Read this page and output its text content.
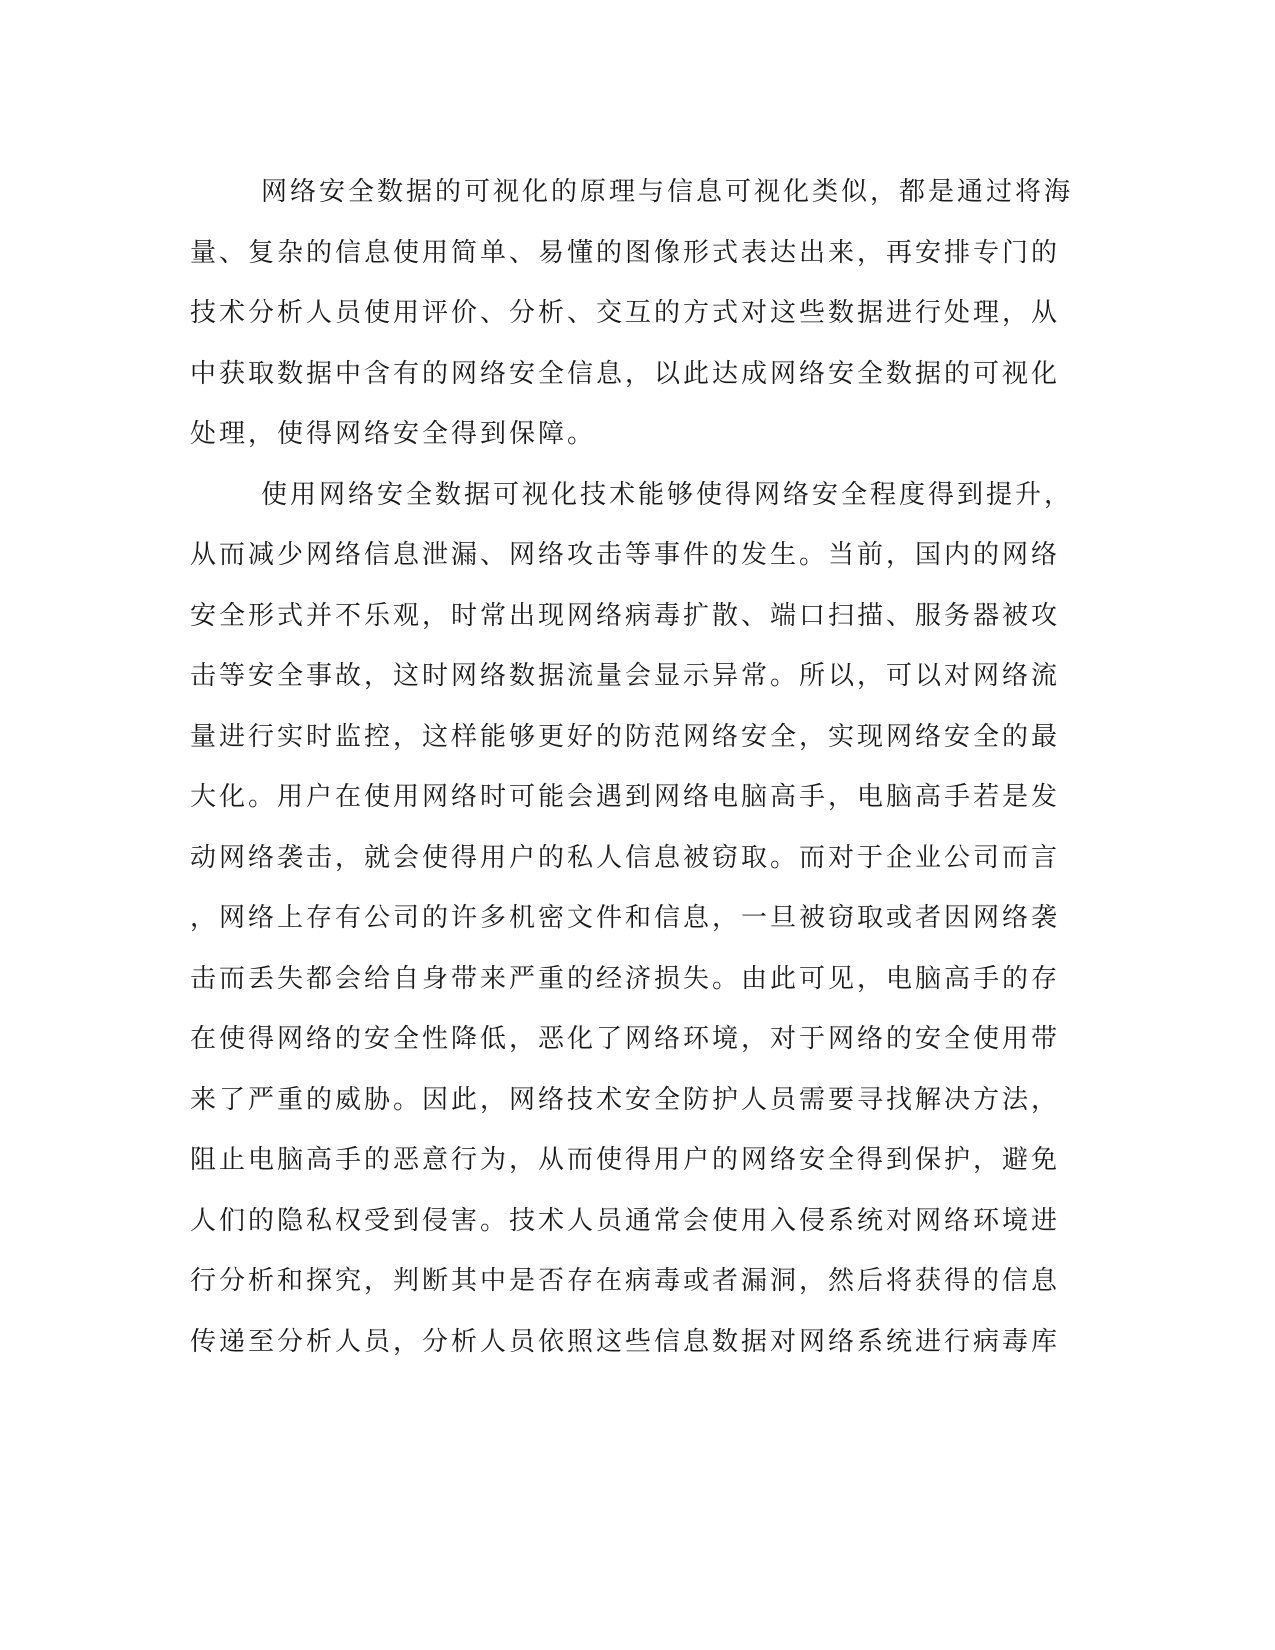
网络安全数据的可视化的原理与信息可视化类似，都是通过将海
量、复杂的信息使用简单、易懂的图像形式表达出来，再安排专门的
技术分析人员使用评价、分析、交互的方式对这些数据进行处理，从
中获取数据中含有的网络安全信息，以此达成网络安全数据的可视化
处理，使得网络安全得到保障。
使用网络安全数据可视化技术能够使得网络安全程度得到提升，
从而减少网络信息泄漏、网络攻击等事件的发生。当前，国内的网络
安全形式并不乐观，时常出现网络病毒扩散、端口扫描、服务器被攻
击等安全事故，这时网络数据流量会显示异常。所以，可以对网络流
量进行实时监控，这样能够更好的防范网络安全，实现网络安全的最
大化。用户在使用网络时可能会遇到网络电脑高手，电脑高手若是发
动网络袭击，就会使得用户的私人信息被窃取。而对于企业公司而言
，网络上存有公司的许多机密文件和信息，一旦被窃取或者因网络袭
击而丢失都会给自身带来严重的经济损失。由此可见，电脑高手的存
在使得网络的安全性降低，恶化了网络环境，对于网络的安全使用带
来了严重的威胁。因此，网络技术安全防护人员需要寻找解决方法，
阻止电脑高手的恶意行为，从而使得用户的网络安全得到保护，避免
人们的隐私权受到侵害。技术人员通常会使用入侵系统对网络环境进
行分析和探究，判断其中是否存在病毒或者漏洞，然后将获得的信息
传递至分析人员，分析人员依照这些信息数据对网络系统进行病毒库
